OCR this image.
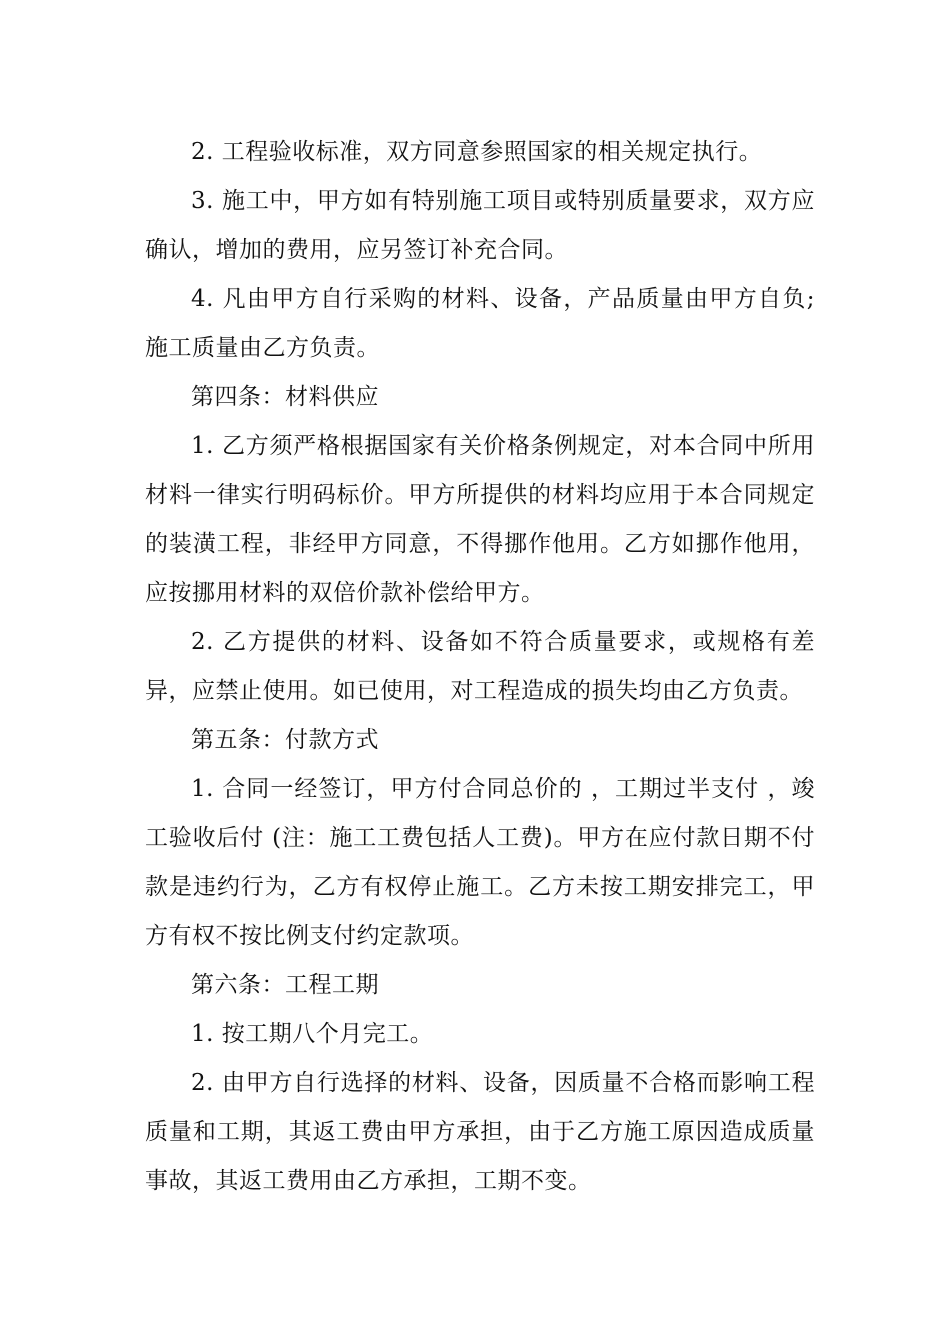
2. 工程验收标准，双方同意参照国家的相关规定执行。

3. 施工中，甲方如有特别施工项目或特别质量要求，双方应确认，增加的费用，应另签订补充合同。

4. 凡由甲方自行采购的材料、设备，产品质量由甲方自负;施工质量由乙方负责。

第四条：材料供应

1. 乙方须严格根据国家有关价格条例规定，对本合同中所用材料一律实行明码标价。甲方所提供的材料均应用于本合同规定的装潢工程，非经甲方同意，不得挪作他用。乙方如挪作他用，应按挪用材料的双倍价款补偿给甲方。

2. 乙方提供的材料、设备如不符合质量要求，或规格有差异，应禁止使用。如已使用，对工程造成的损失均由乙方负责。

第五条：付款方式

1. 合同一经签订，甲方付合同总价的 ，工期过半支付 ，竣工验收后付 (注：施工工费包括人工费)。甲方在应付款日期不付款是违约行为，乙方有权停止施工。乙方未按工期安排完工，甲方有权不按比例支付约定款项。

第六条：工程工期

1. 按工期八个月完工。

2. 由甲方自行选择的材料、设备，因质量不合格而影响工程质量和工期，其返工费由甲方承担，由于乙方施工原因造成质量事故，其返工费用由乙方承担，工期不变。
